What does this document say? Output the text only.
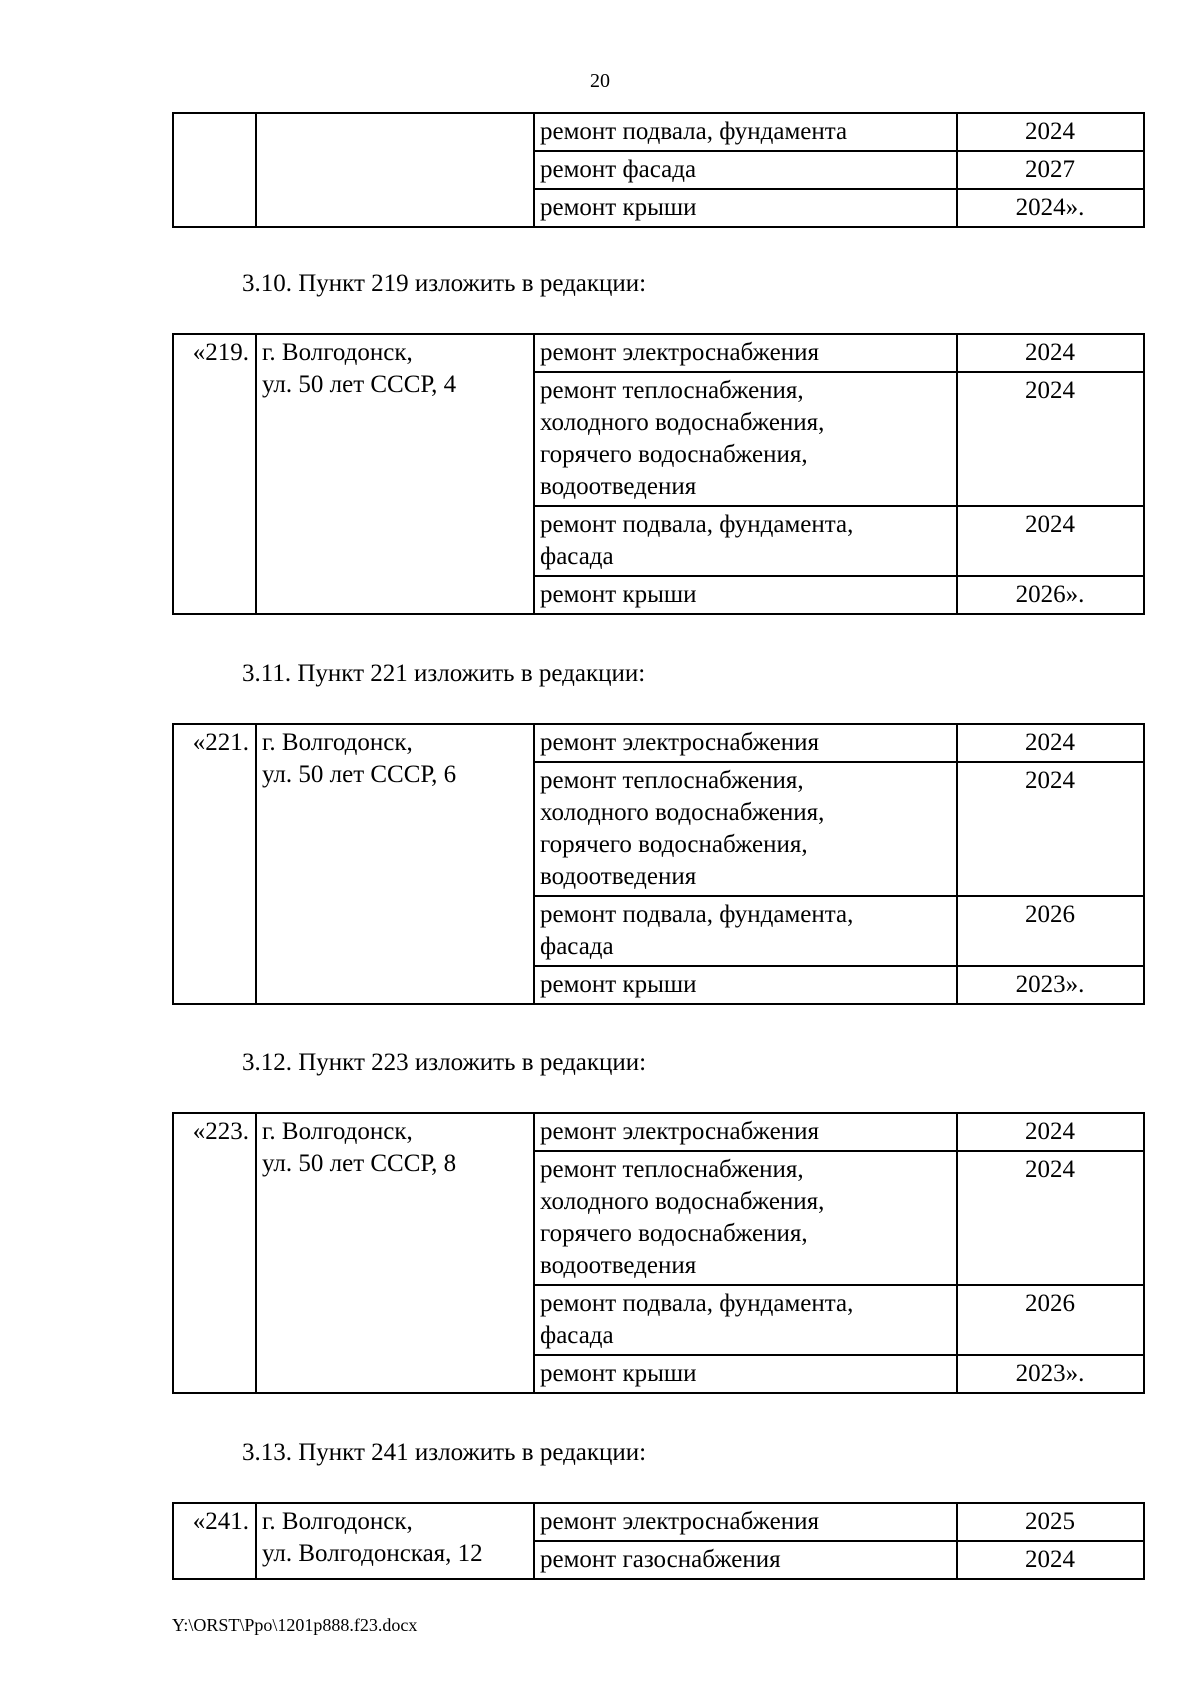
20

		ремонт подвала, фундамента	2024

		ремонт фасада	2027

		ремонт крыши	2024».
3.10. Пункт 219 изложить в редакции:
«219.	г. Волгодонск,
ул. 50 лет СССР, 4	ремонт электроснабжения	2024

		ремонт теплоснабжения,
холодного водоснабжения,
горячего водоснабжения,
водоотведения	2024

		ремонт подвала, фундамента,
фасада	2024

		ремонт крыши	2026».
3.11. Пункт 221 изложить в редакции:
«221.	г. Волгодонск,
ул. 50 лет СССР, 6	ремонт электроснабжения	2024

		ремонт теплоснабжения,
холодного водоснабжения,
горячего водоснабжения,
водоотведения	2024

		ремонт подвала, фундамента,
фасада	2026

		ремонт крыши	2023».
3.12. Пункт 223 изложить в редакции:
«223.	г. Волгодонск,
ул. 50 лет СССР, 8	ремонт электроснабжения	2024

		ремонт теплоснабжения,
холодного водоснабжения,
горячего водоснабжения,
водоотведения	2024

		ремонт подвала, фундамента,
фасада	2026

		ремонт крыши	2023».
3.13. Пункт 241 изложить в редакции:
«241.	г. Волгодонск,
ул. Волгодонская, 12	ремонт электроснабжения	2025

		ремонт газоснабжения	2024
Y:\ORST\Ppo\1201p888.f23.docx
